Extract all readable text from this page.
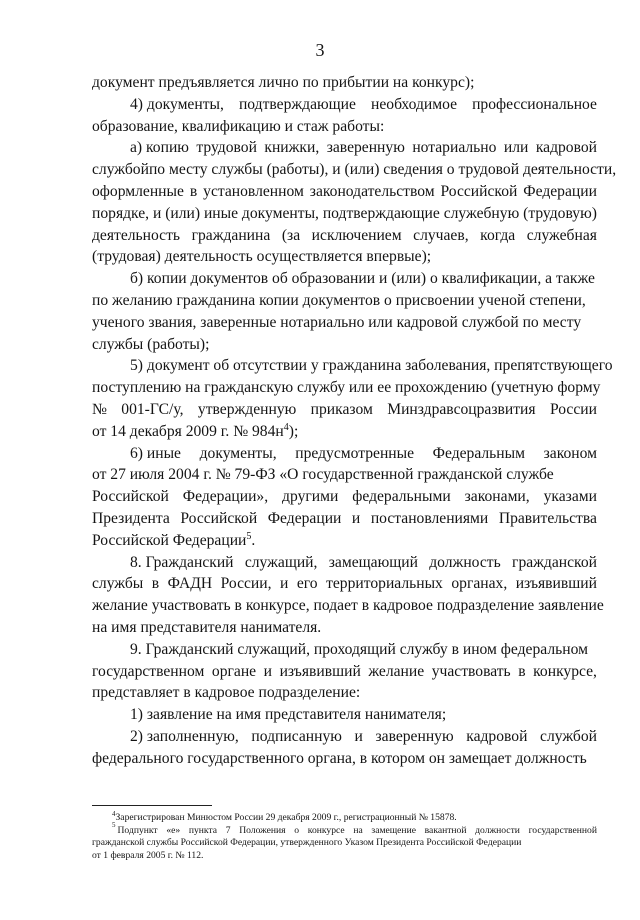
3
документ предъявляется лично по прибытии на конкурс);
4) документы, подтверждающие необходимое профессиональное
образование, квалификацию и стаж работы:
а) копию трудовой книжки, заверенную нотариально или кадровой
службой по месту службы (работы), и (или) сведения о трудовой деятельности,
оформленные в установленном законодательством Российской Федерации
порядке, и (или) иные документы, подтверждающие служебную (трудовую)
деятельность гражданина (за исключением случаев, когда служебная
(трудовая) деятельность осуществляется впервые);
б) копии документов об образовании и (или) о квалификации, а также
по желанию гражданина копии документов о присвоении ученой степени,
ученого звания, заверенные нотариально или кадровой службой по месту
службы (работы);
5) документ об отсутствии у гражданина заболевания, препятствующего
поступлению на гражданскую службу или ее прохождению (учетную форму
№ 001-ГС/у, утвержденную приказом Минздравсоцразвития России
от 14 декабря 2009 г. № $984н^4$);
6) иные документы, предусмотренные Федеральным законом
от 27 июля 2004 г. № 79-ФЗ «О государственной гражданской службе
Российской Федерации», другими федеральными законами, указами
Президента Российской Федерации и постановлениями Правительства
Российской Федерации$^5$.
8. Гражданский служащий, замещающий должность гражданской
службы в ФАДН России, и его территориальных органах, изъявивший
желание участвовать в конкурсе, подает в кадровое подразделение заявление
на имя представителя нанимателя.
9. Гражданский служащий, проходящий службу в ином федеральном
государственном органе и изъявивший желание участвовать в конкурсе,
представляет в кадровое подразделение:
1) заявление на имя представителя нанимателя;
2) заполненную, подписанную и заверенную кадровой службой
федерального государственного органа, в котором он замещает должность
$^4$Зарегистрирован Минюстом России 29 декабря 2009 г., регистрационный № 15878.
5 Подпункт «е» пункта 7 Положения о конкурсе на замещение вакантной должности государственной
гражданской службы Российской Федерации, утвержденного Указом Президента Российской Федерации
от 1 февраля 2005 г. № 112.
